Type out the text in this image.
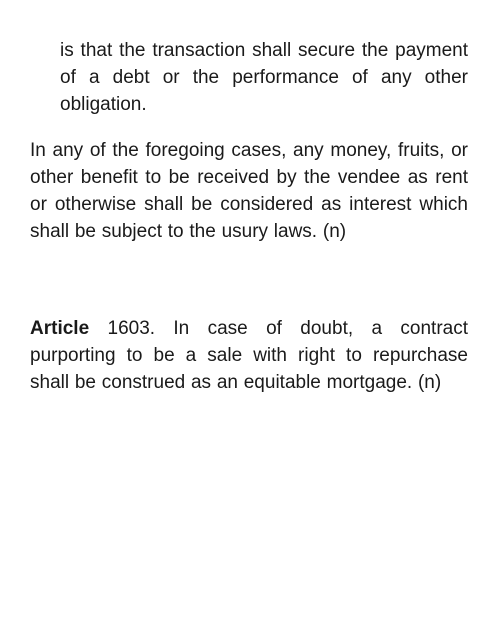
is that the transaction shall secure the payment of a debt or the performance of any other obligation.

In any of the foregoing cases, any money, fruits, or other benefit to be received by the vendee as rent or otherwise shall be considered as interest which shall be subject to the usury laws. (n)

Article 1603. In case of doubt, a contract purporting to be a sale with right to repurchase shall be construed as an equitable mortgage. (n)
